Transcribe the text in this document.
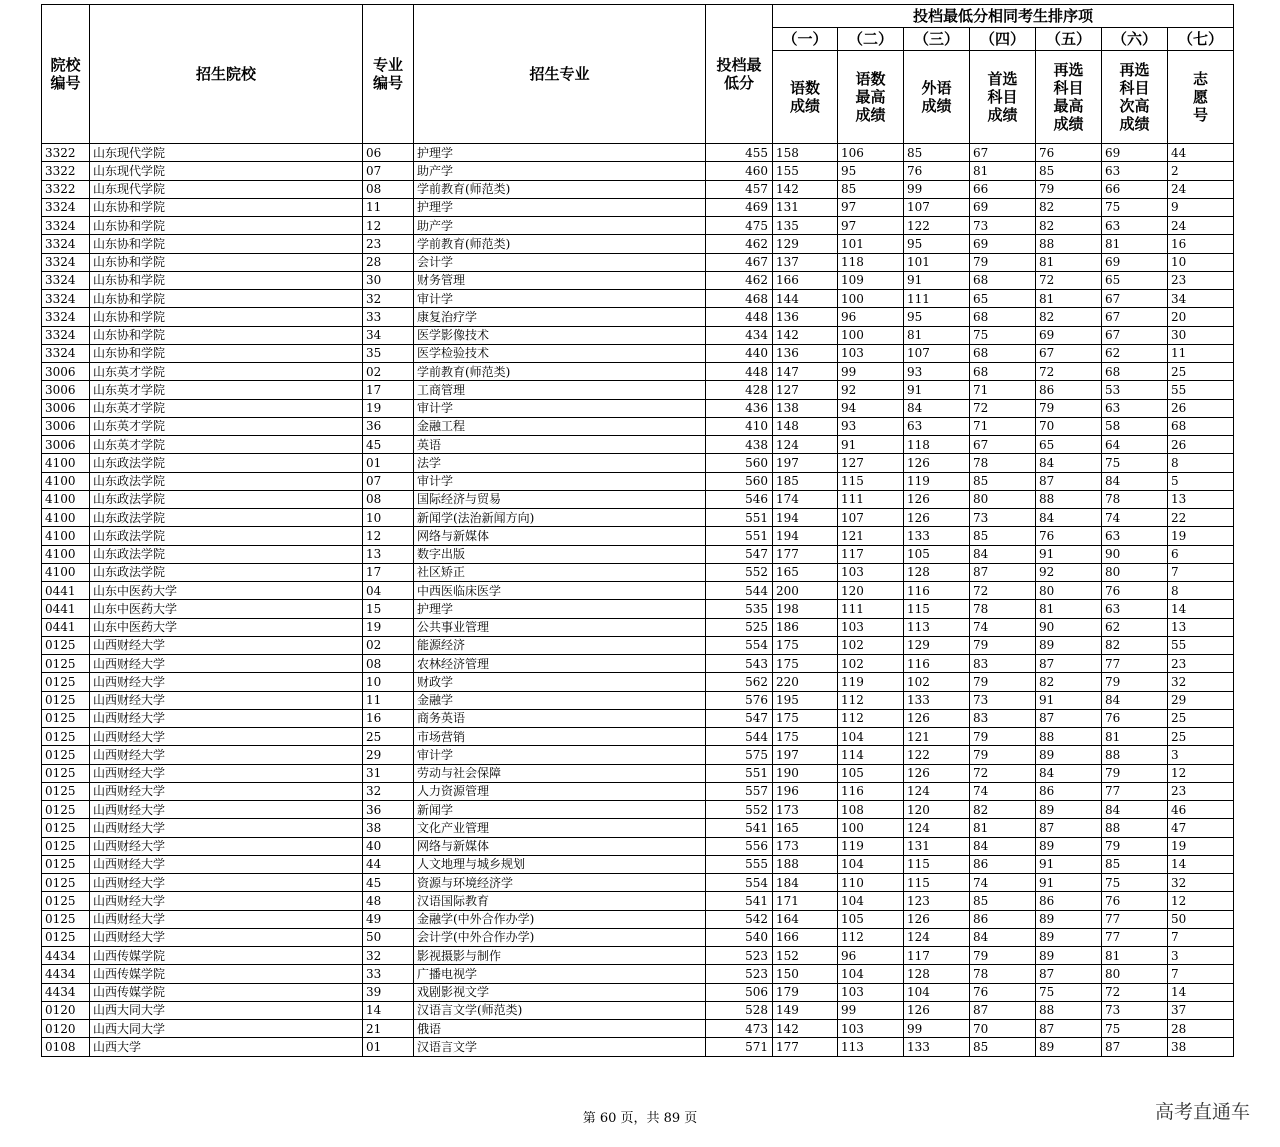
院校编号	招生院校	专业编号	招生专业	投档最低分	投档最低分相同考生排序项						
					（一）	（二）	（三）	（四）	（五）	（六）	（七）
					语数成绩	语数最高成绩	外语成绩	首选科目成绩	再选科目最高成绩	再选科目次高成绩	志愿号
3322	山东现代学院	06	护理学	455	158	106	85	67	76	69	44
3322	山东现代学院	07	助产学	460	155	95	76	81	85	63	2
3322	山东现代学院	08	学前教育(师范类)	457	142	85	99	66	79	66	24
3324	山东协和学院	11	护理学	469	131	97	107	69	82	75	9
3324	山东协和学院	12	助产学	475	135	97	122	73	82	63	24
3324	山东协和学院	23	学前教育(师范类)	462	129	101	95	69	88	81	16
3324	山东协和学院	28	会计学	467	137	118	101	79	81	69	10
3324	山东协和学院	30	财务管理	462	166	109	91	68	72	65	23
3324	山东协和学院	32	审计学	468	144	100	111	65	81	67	34
3324	山东协和学院	33	康复治疗学	448	136	96	95	68	82	67	20
3324	山东协和学院	34	医学影像技术	434	142	100	81	75	69	67	30
3324	山东协和学院	35	医学检验技术	440	136	103	107	68	67	62	11
3006	山东英才学院	02	学前教育(师范类)	448	147	99	93	68	72	68	25
3006	山东英才学院	17	工商管理	428	127	92	91	71	86	53	55
3006	山东英才学院	19	审计学	436	138	94	84	72	79	63	26
3006	山东英才学院	36	金融工程	410	148	93	63	71	70	58	68
3006	山东英才学院	45	英语	438	124	91	118	67	65	64	26
4100	山东政法学院	01	法学	560	197	127	126	78	84	75	8
4100	山东政法学院	07	审计学	560	185	115	119	85	87	84	5
4100	山东政法学院	08	国际经济与贸易	546	174	111	126	80	88	78	13
4100	山东政法学院	10	新闻学(法治新闻方向)	551	194	107	126	73	84	74	22
4100	山东政法学院	12	网络与新媒体	551	194	121	133	85	76	63	19
4100	山东政法学院	13	数字出版	547	177	117	105	84	91	90	6
4100	山东政法学院	17	社区矫正	552	165	103	128	87	92	80	7
0441	山东中医药大学	04	中西医临床医学	544	200	120	116	72	80	76	8
0441	山东中医药大学	15	护理学	535	198	111	115	78	81	63	14
0441	山东中医药大学	19	公共事业管理	525	186	103	113	74	90	62	13
0125	山西财经大学	02	能源经济	554	175	102	129	79	89	82	55
0125	山西财经大学	08	农林经济管理	543	175	102	116	83	87	77	23
0125	山西财经大学	10	财政学	562	220	119	102	79	82	79	32
0125	山西财经大学	11	金融学	576	195	112	133	73	91	84	29
0125	山西财经大学	16	商务英语	547	175	112	126	83	87	76	25
0125	山西财经大学	25	市场营销	544	175	104	121	79	88	81	25
0125	山西财经大学	29	审计学	575	197	114	122	79	89	88	3
0125	山西财经大学	31	劳动与社会保障	551	190	105	126	72	84	79	12
0125	山西财经大学	32	人力资源管理	557	196	116	124	74	86	77	23
0125	山西财经大学	36	新闻学	552	173	108	120	82	89	84	46
0125	山西财经大学	38	文化产业管理	541	165	100	124	81	87	88	47
0125	山西财经大学	40	网络与新媒体	556	173	119	131	84	89	79	19
0125	山西财经大学	44	人文地理与城乡规划	555	188	104	115	86	91	85	14
0125	山西财经大学	45	资源与环境经济学	554	184	110	115	74	91	75	32
0125	山西财经大学	48	汉语国际教育	541	171	104	123	85	86	76	12
0125	山西财经大学	49	金融学(中外合作办学)	542	164	105	126	86	89	77	50
0125	山西财经大学	50	会计学(中外合作办学)	540	166	112	124	84	89	77	7
4434	山西传媒学院	32	影视摄影与制作	523	152	96	117	79	89	81	3
4434	山西传媒学院	33	广播电视学	523	150	104	128	78	87	80	7
4434	山西传媒学院	39	戏剧影视文学	506	179	103	104	76	75	72	14
0120	山西大同大学	14	汉语言文学(师范类)	528	149	99	126	87	88	73	37
0120	山西大同大学	21	俄语	473	142	103	99	70	87	75	28
0108	山西大学	01	汉语言文学	571	177	113	133	85	89	87	38
第 60 页，共 89 页	高考直通车
